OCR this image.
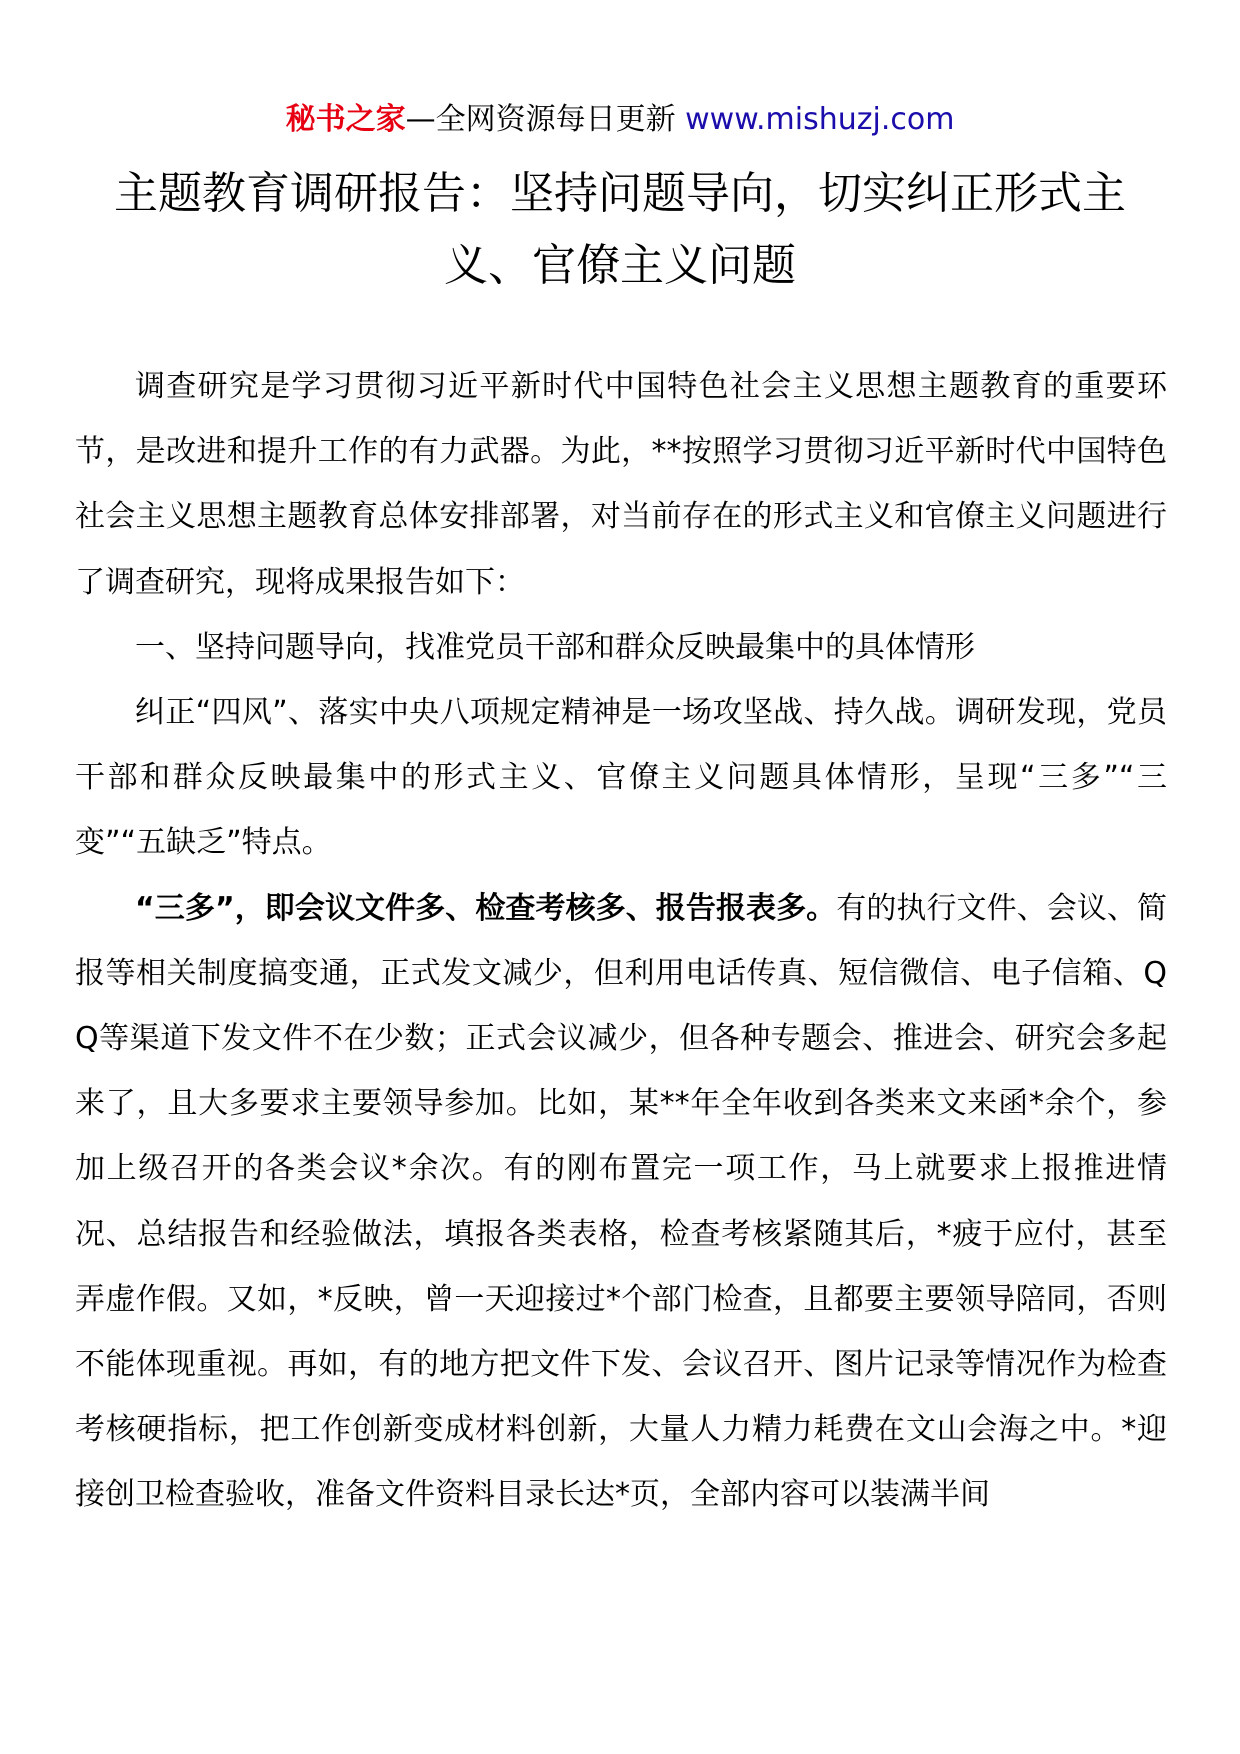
秘书之家—全网资源每日更新 www.mishuzj.com
主题教育调研报告：坚持问题导向，切实纠正形式主义、官僚主义问题

调查研究是学习贯彻习近平新时代中国特色社会主义思想主题教育的重要环节，是改进和提升工作的有力武器。为此，**按照学习贯彻习近平新时代中国特色社会主义思想主题教育总体安排部署，对当前存在的形式主义和官僚主义问题进行了调查研究，现将成果报告如下：

一、坚持问题导向，找准党员干部和群众反映最集中的具体情形

纠正“四风”、落实中央八项规定精神是一场攻坚战、持久战。调研发现，党员干部和群众反映最集中的形式主义、官僚主义问题具体情形，呈现“三多”“三变”“五缺乏”特点。

“三多”，即会议文件多、检查考核多、报告报表多。有的执行文件、会议、简报等相关制度搞变通，正式发文减少，但利用电话传真、短信微信、电子信箱、QQ等渠道下发文件不在少数；正式会议减少，但各种专题会、推进会、研究会多起来了，且大多要求主要领导参加。比如，某**年全年收到各类来文来函*余个，参加上级召开的各类会议*余次。有的刚布置完一项工作，马上就要求上报推进情况、总结报告和经验做法，填报各类表格，检查考核紧随其后，*疲于应付，甚至弄虚作假。又如，*反映，曾一天迎接过*个部门检查，且都要主要领导陪同，否则不能体现重视。再如，有的地方把文件下发、会议召开、图片记录等情况作为检查考核硬指标，把工作创新变成材料创新，大量人力精力耗费在文山会海之中。*迎接创卫检查验收，准备文件资料目录长达*页，全部内容可以装满半间
